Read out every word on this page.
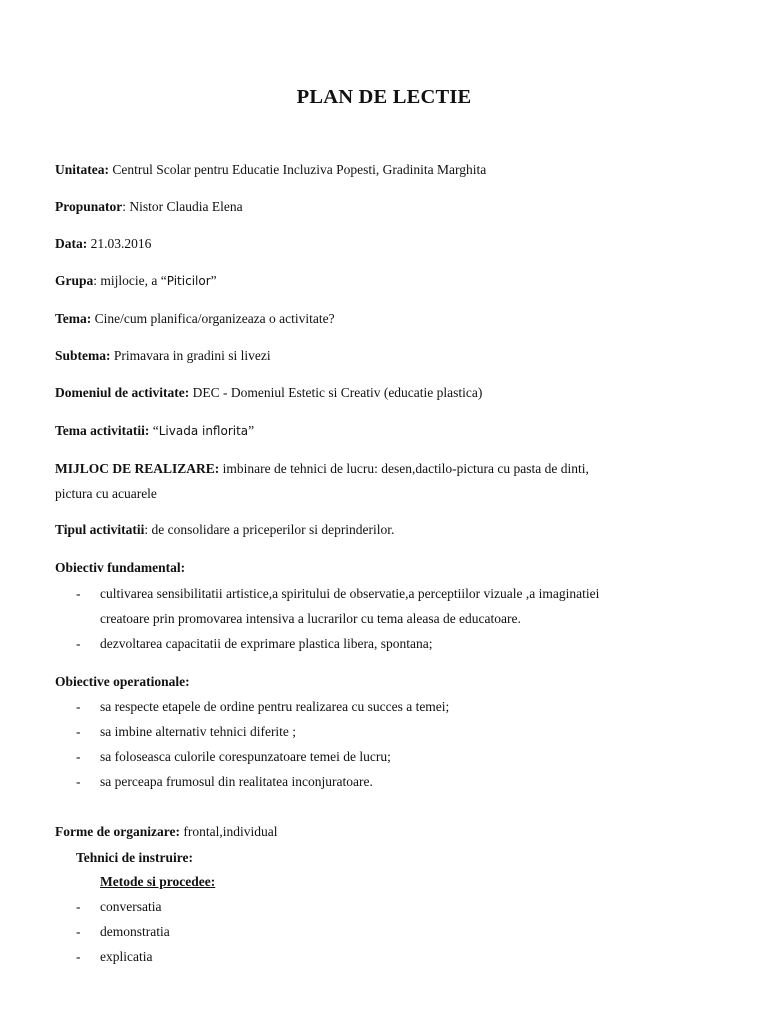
PLAN DE LECTIE
Unitatea: Centrul Scolar pentru Educatie Incluziva Popesti, Gradinita Marghita
Propunator: Nistor Claudia Elena
Data: 21.03.2016
Grupa: mijlocie, a “Piticilor”
Tema: Cine/cum planifica/organizeaza o activitate?
Subtema: Primavara in gradini si livezi
Domeniul de activitate: DEC - Domeniul Estetic si Creativ (educatie plastica)
Tema activitatii: “Livada inflorita”
MIJLOC DE REALIZARE: imbinare de tehnici de lucru: desen,dactilo-pictura cu pasta de dinti,
pictura cu acuarele
Tipul activitatii: de consolidare a priceperilor si deprinderilor.
Obiectiv fundamental:
- cultivarea sensibilitatii artistice,a spiritului de observatie,a perceptiilor vizuale ,a imaginatiei
creatoare prin promovarea intensiva a lucrarilor cu tema aleasa de educatoare.
- dezvoltarea capacitatii de exprimare plastica libera, spontana;
Obiective operationale:
- sa respecte etapele de ordine pentru realizarea cu succes a temei;
- sa imbine alternativ tehnici diferite ;
- sa foloseasca culorile corespunzatoare temei de lucru;
- sa perceapa frumosul din realitatea inconjuratoare.
Forme de organizare: frontal,individual
Tehnici de instruire:
Metode si procedee:
- conversatia
- demonstratia
- explicatia
